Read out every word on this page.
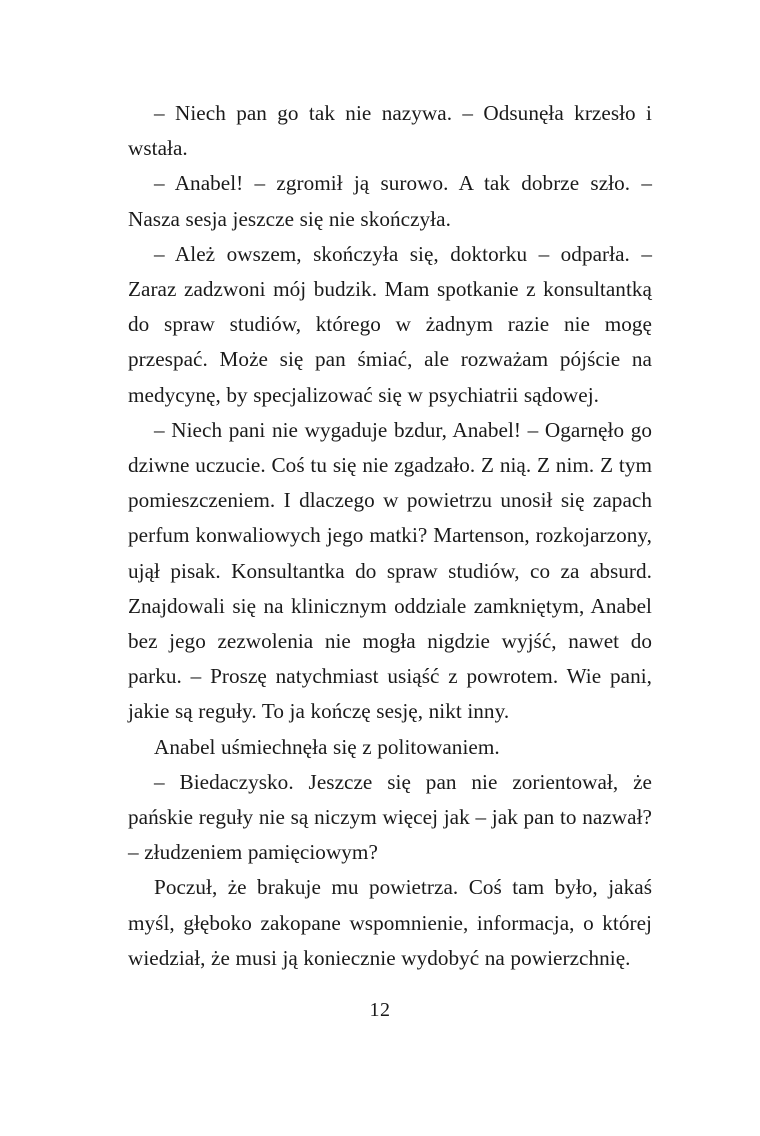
– Niech pan go tak nie nazywa. – Odsunęła krzesło i wstała.

– Anabel! – zgromił ją surowo. A tak dobrze szło. – Nasza sesja jeszcze się nie skończyła.

– Ależ owszem, skończyła się, doktorku – odparła. – Zaraz zadzwoni mój budzik. Mam spotkanie z konsultantką do spraw studiów, którego w żadnym razie nie mogę przespać. Może się pan śmiać, ale rozważam pójście na medycynę, by specjalizować się w psychiatrii sądowej.

– Niech pani nie wygaduje bzdur, Anabel! – Ogarnęło go dziwne uczucie. Coś tu się nie zgadzało. Z nią. Z nim. Z tym pomieszczeniem. I dlaczego w powietrzu unosił się zapach perfum konwaliowych jego matki? Martenson, rozkojarzony, ujął pisak. Konsultantka do spraw studiów, co za absurd. Znajdowali się na klinicznym oddziale zamkniętym, Anabel bez jego zezwolenia nie mogła nigdzie wyjść, nawet do parku. – Proszę natychmiast usiąść z powrotem. Wie pani, jakie są reguły. To ja kończę sesję, nikt inny.

Anabel uśmiechnęła się z politowaniem.

– Biedaczysko. Jeszcze się pan nie zorientował, że pańskie reguły nie są niczym więcej jak – jak pan to nazwał? – złudzeniem pamięciowym?

Poczuł, że brakuje mu powietrza. Coś tam było, jakaś myśl, głęboko zakopane wspomnienie, informacja, o której wiedział, że musi ją koniecznie wydobyć na powierzchnię.

12
